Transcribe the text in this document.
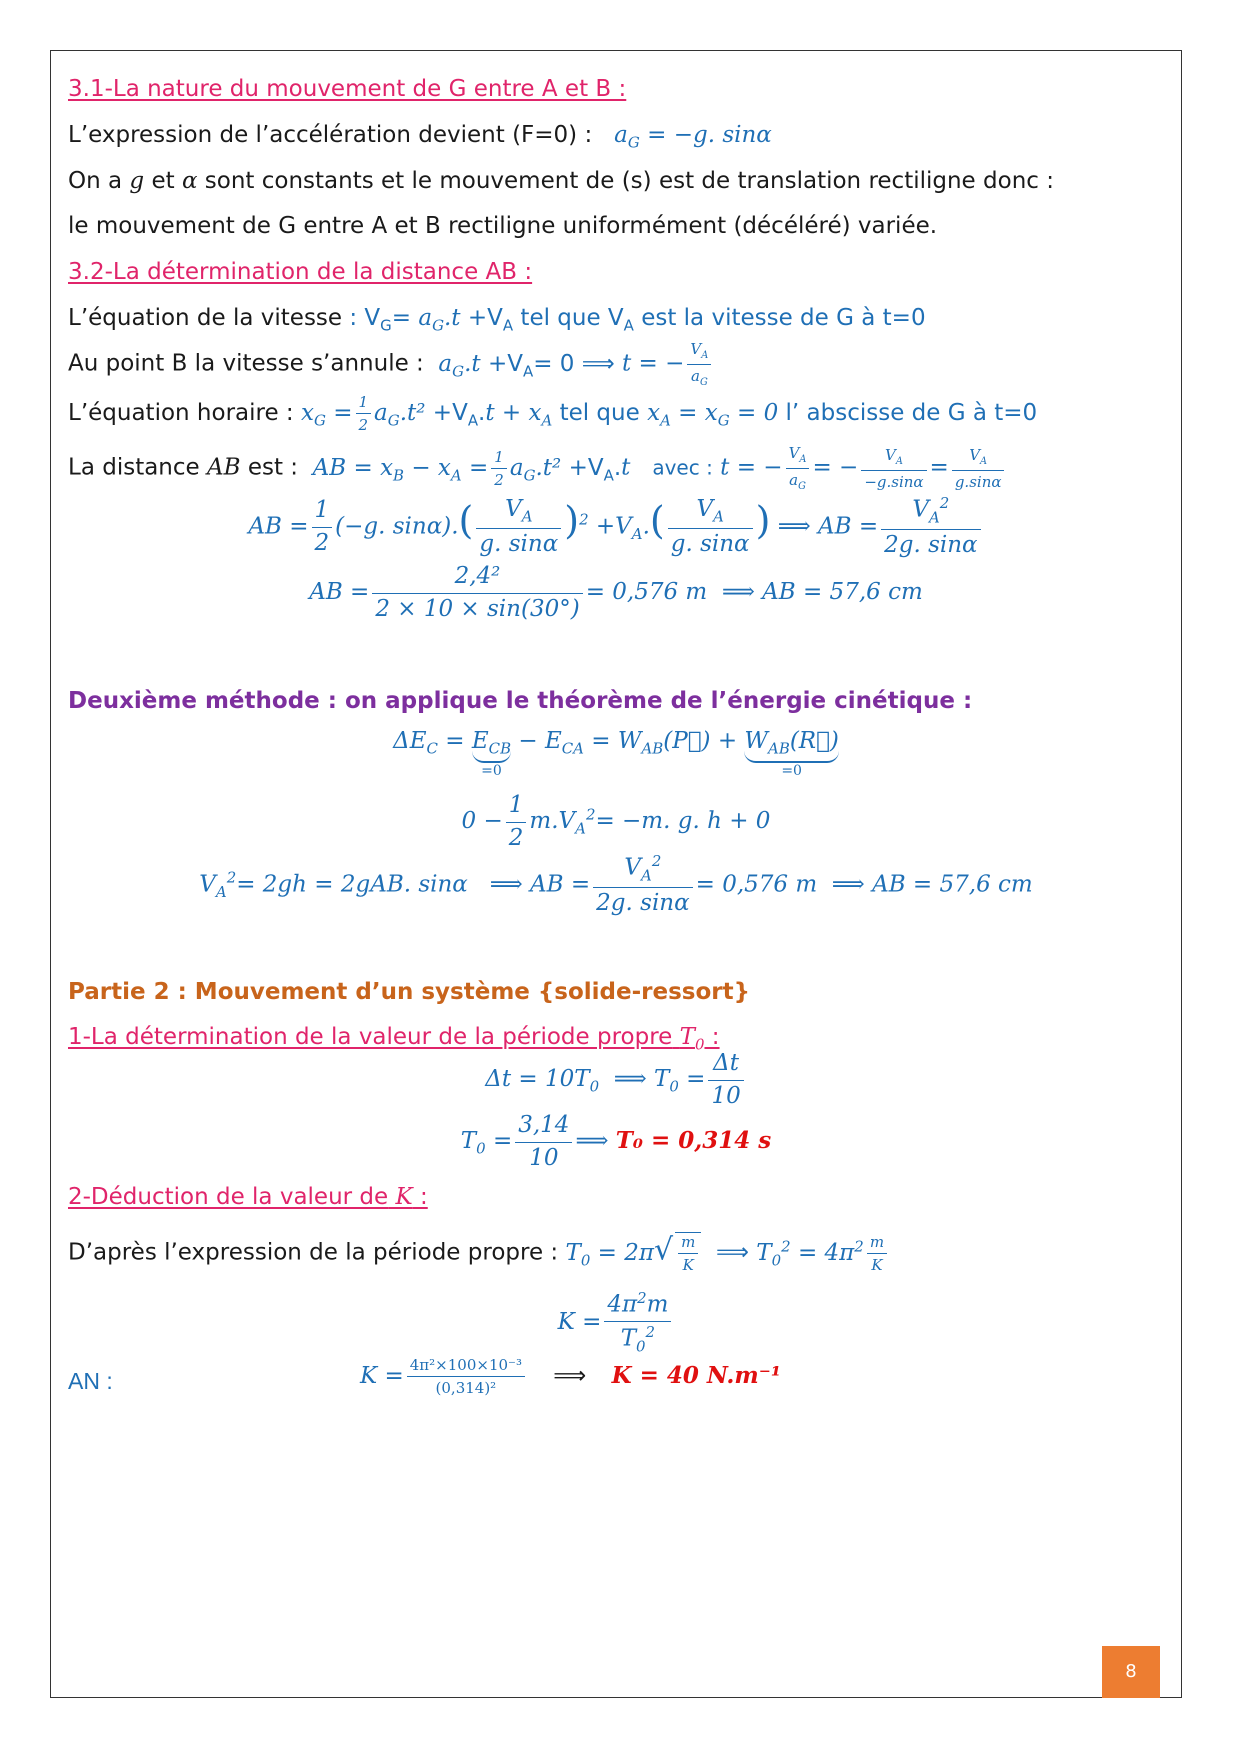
3.1-La nature du mouvement de G entre A et B :
L’expression de l’accélération devient (F=0) : $a_G = -g$. sinα
On a g et α sont constants et le mouvement de (s) est de translation rectiligne donc :
le mouvement de G entre A et B rectiligne uniformément (décéléré) variée.
3.2-La détermination de la distance AB :
L’équation de la vitesse : $V_G= a_G.t +V_A$ tel que $V_A$ est la vitesse de G à t=0
Au point B la vitesse s’annule :  $a_G.t +V_A= 0$ ⟹ t = − $\frac{V_A}{a_G}$
L’équation horaire : $x_G = \frac{1}{2} a_G.t^2 +V_A.t + x_A$ tel que $x_A = x_G = 0$ l’ abscisse de G à t=0
La distance AB est :  AB = $x_B - x_A = \frac{1}{2} a_G.t^2 +V_A.t$ avec : t = − $\frac{V_A}{a_G}$ = − $\frac{V_A}{-g.\sin\alpha} = \frac{V_A}{g.\sin\alpha}$
AB = $\frac{1}{2} (-g$. $\sin\alpha).( \frac{V_A}{g. \sin\alpha} )^2 +V_A.( \frac{V_A}{g. \sin\alpha}$ ) ⟹ AB = $\frac{V_A^2}{2g. \sin\alpha}$
AB = $\frac{\text{2,4²}}{2 \times 10 \times \sin(30^\circ)} = 0,576$ m  ⟹ AB = 57,6 cm
Deuxième méthode : on applique le théorème de l’énergie cinétique :
$\Delta E_C = E_{CB}$
=0
− $E_{CA}$ = $W_{AB}(P⃗)$ + $W_{AB}(R⃗)$
=0
$0 - \frac{1}{2} m.V_A^2= -m$. g. h + 0
$V_A^2= 2gh = 2gAB$. sinα   ⟹ AB = $\frac{V_A^2}{2g. \sin\alpha} = 0,576$ m  ⟹ AB = 57,6 cm
Partie 2 : Mouvement d’un système {solide-ressort}
1-La détermination de la valeur de la période propre $T_0$ :
$\Delta t = 10T_0$  ⟹ $T_0 = \frac{\Delta t}{10}$
$T_0 = \frac{3,14}{10}$ ⟹ T₀ = 0,314 s
2-Déduction de la valeur de K :
D’après l’expression de la période propre : $T_0 = 2\pi√ \frac{m}{K}$ ⟹ $T_0^2 = 4\pi^2 \frac{m}{K}$
$K = \frac{4\pi^2m}{T_0^2}$
AN :	$K = \frac{\text{4π²×100×10⁻³}}{\text{(0,314)²}}$ ⟹ K = 40 N.m⁻¹
8
